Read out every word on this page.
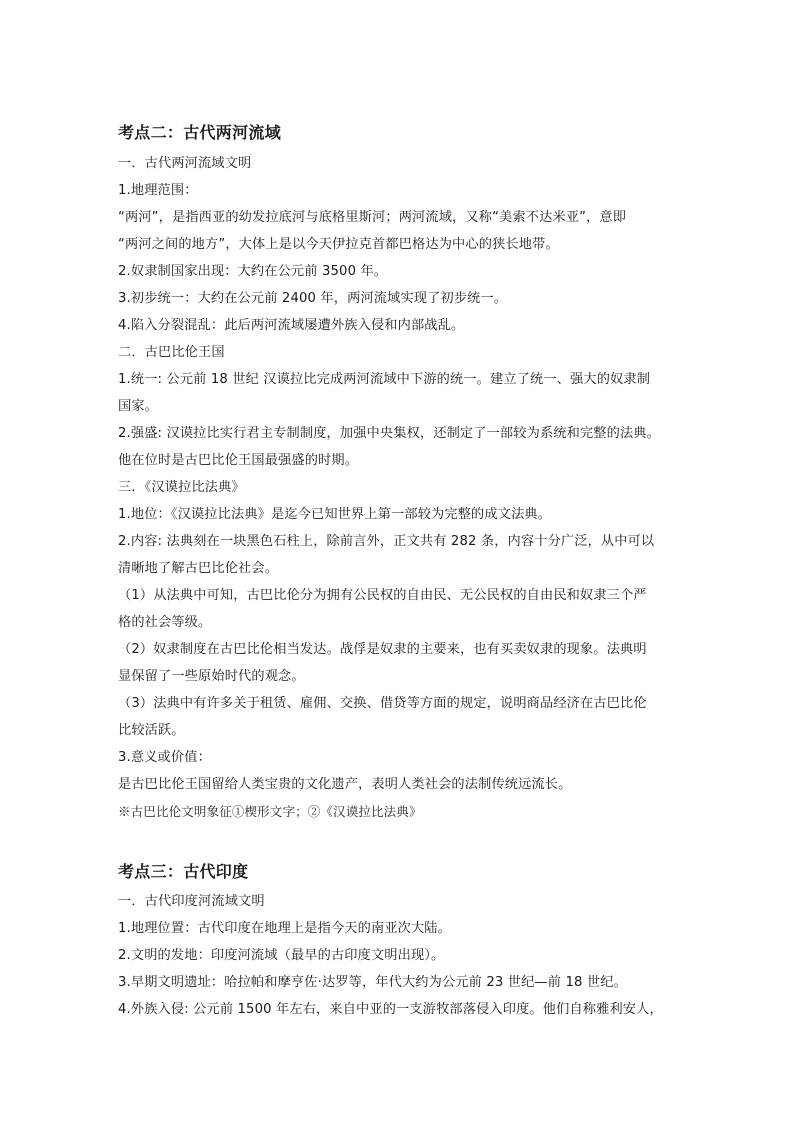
考点二：古代两河流域
一．古代两河流域文明
1.地理范围：
“两河”，是指西亚的幼发拉底河与底格里斯河；两河流域，又称“美索不达米亚”，意即
“两河之间的地方”，大体上是以今天伊拉克首都巴格达为中心的狭长地带。
2.奴隶制国家出现：大约在公元前 3500 年。
3.初步统一：大约在公元前 2400 年，两河流域实现了初步统一。
4.陷入分裂混乱：此后两河流域屡遭外族入侵和内部战乱。
二．古巴比伦王国
1.统一: 公元前 18 世纪 汉谟拉比完成两河流域中下游的统一。建立了统一、强大的奴隶制
国家。
2.强盛: 汉谟拉比实行君主专制制度，加强中央集权，还制定了一部较为系统和完整的法典。
他在位时是古巴比伦王国最强盛的时期。
三．《汉谟拉比法典》
1.地位：《汉谟拉比法典》是迄今已知世界上第一部较为完整的成文法典。
2.内容: 法典刻在一块黑色石柱上，除前言外，正文共有 282 条，内容十分广泛，从中可以
清晰地了解古巴比伦社会。
（1）从法典中可知，古巴比伦分为拥有公民权的自由民、无公民权的自由民和奴隶三个严
格的社会等级。
（2）奴隶制度在古巴比伦相当发达。战俘是奴隶的主要来，也有买卖奴隶的现象。法典明
显保留了一些原始时代的观念。
（3）法典中有许多关于租赁、雇佣、交换、借贷等方面的规定，说明商品经济在古巴比伦
比较活跃。
3.意义或价值：
是古巴比伦王国留给人类宝贵的文化遗产，表明人类社会的法制传统远流长。
※古巴比伦文明象征①楔形文字；②《汉谟拉比法典》
考点三：古代印度
一．古代印度河流域文明
1.地理位置：古代印度在地理上是指今天的南亚次大陆。
2.文明的发地：印度河流域（最早的古印度文明出现）。
3.早期文明遗址：哈拉帕和摩亨佐·达罗等，年代大约为公元前 23 世纪—前 18 世纪。
4.外族入侵: 公元前 1500 年左右，来自中亚的一支游牧部落侵入印度。他们自称雅利安人，
